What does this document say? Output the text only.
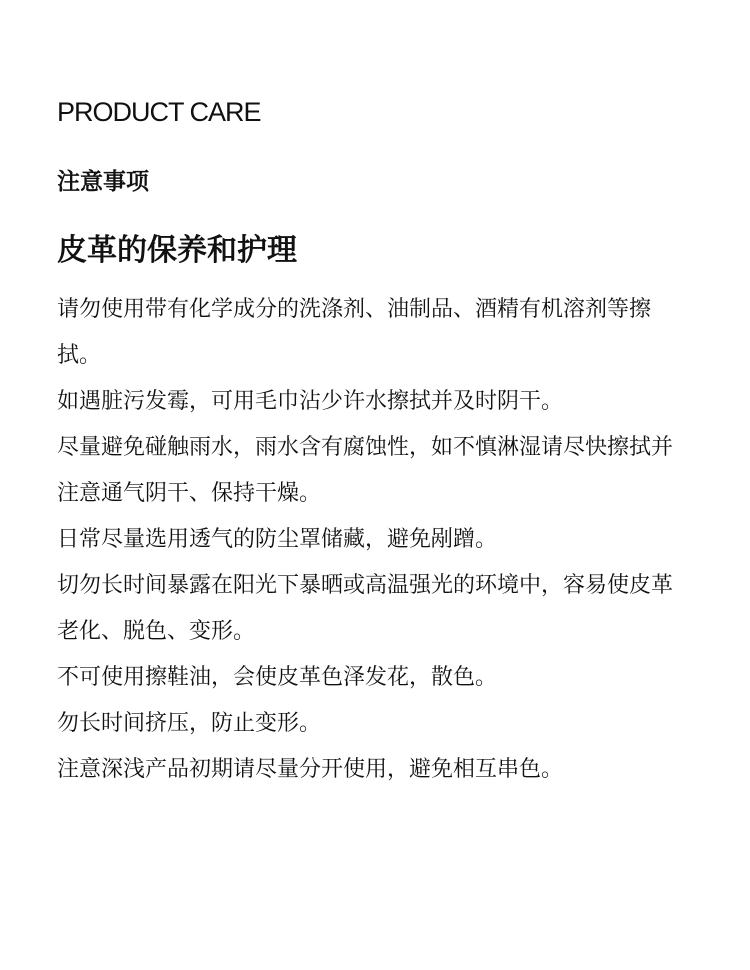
PRODUCT CARE
注意事项
皮革的保养和护理
请勿使用带有化学成分的洗涤剂、油制品、酒精有机溶剂等擦拭。
如遇脏污发霉，可用毛巾沾少许水擦拭并及时阴干。
尽量避免碰触雨水，雨水含有腐蚀性，如不慎淋湿请尽快擦拭并注意通气阴干、保持干燥。
日常尽量选用透气的防尘罩储藏，避免剐蹭。
切勿长时间暴露在阳光下暴晒或高温强光的环境中，容易使皮革老化、脱色、变形。
不可使用擦鞋油，会使皮革色泽发花，散色。
勿长时间挤压，防止变形。
注意深浅产品初期请尽量分开使用，避免相互串色。
